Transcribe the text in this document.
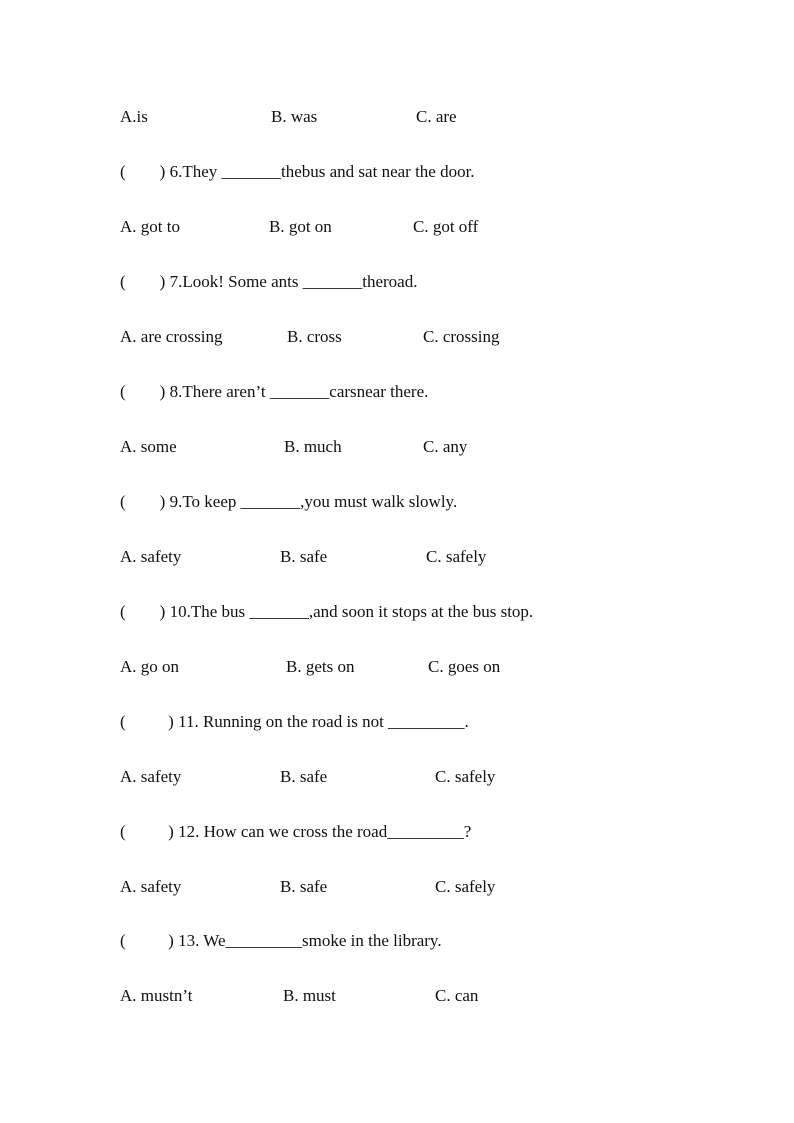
A.is

	B. was

	C. are

(        ) 6.They _______thebus and sat near the door.

A. got to

	B. got on

	C. got off

(        ) 7.Look! Some ants _______theroad.

A. are crossing

	B. cross

	C. crossing

(        ) 8.There aren’t _______carsnear there.

A. some

	B. much

	C. any

(        ) 9.To keep _______,you must walk slowly.

A. safety

	B. safe

	C. safely

(        ) 10.The bus _______,and soon it stops at the bus stop.

A. go on

	B. gets on

	C. goes on

(          ) 11. Running on the road is not _________.

A. safety

	B. safe

	C. safely

(          ) 12. How can we cross the road_________?

A. safety

	B. safe

	C. safely

(          ) 13. We_________smoke in the library.

A. mustn’t

	B. must

	C. can
